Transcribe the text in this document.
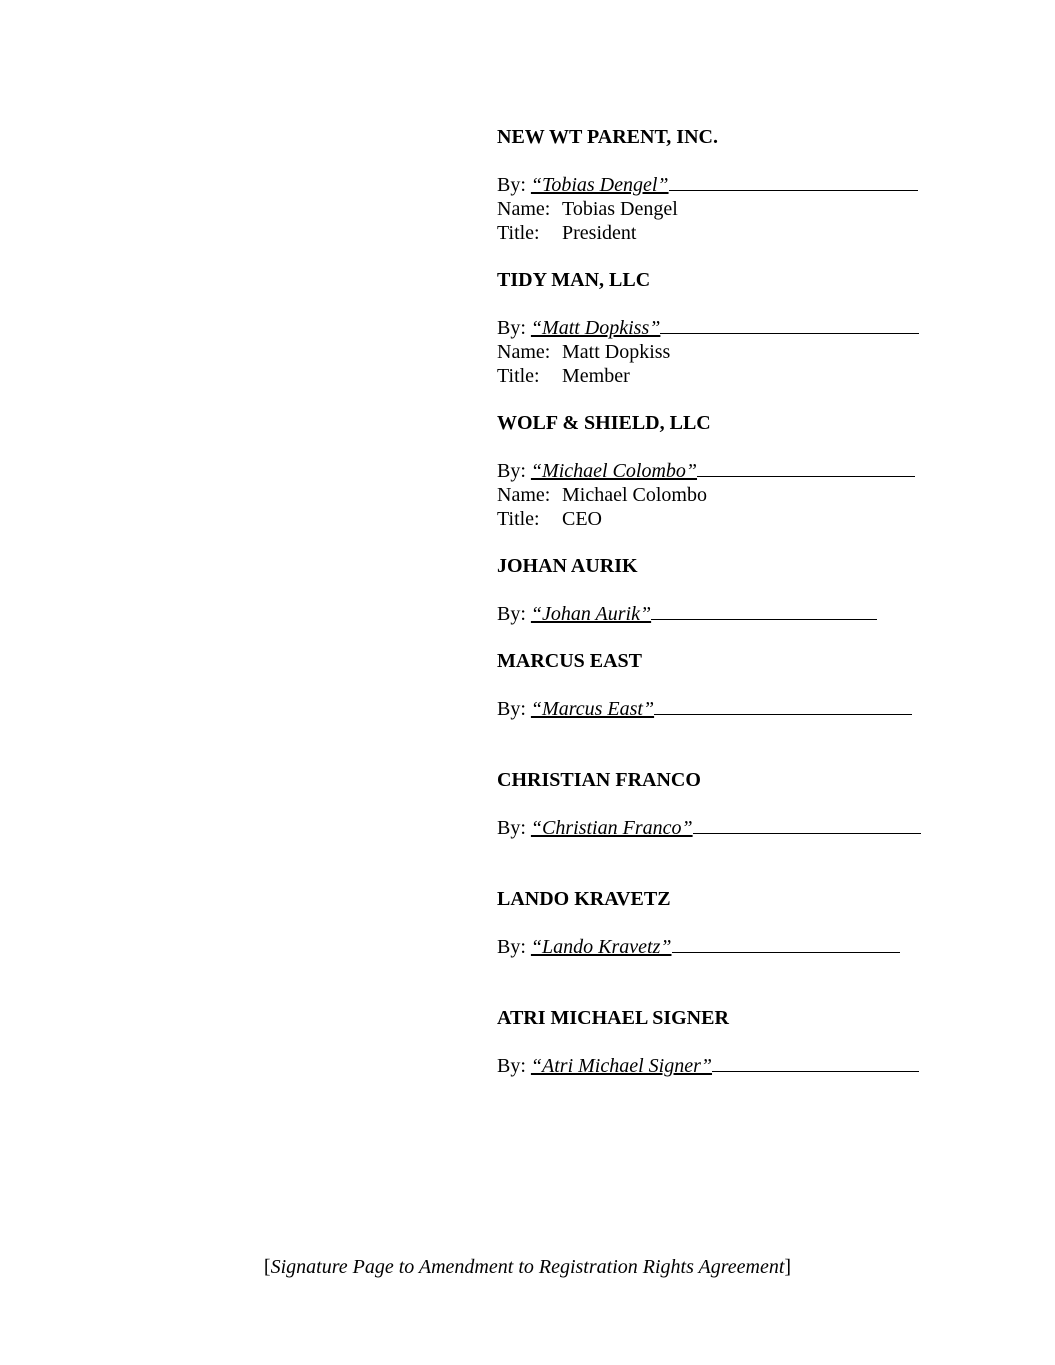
NEW WT PARENT, INC.
By: “Tobias Dengel”
Name: Tobias Dengel
Title: President
TIDY MAN, LLC
By: “Matt Dopkiss”
Name: Matt Dopkiss
Title: Member
WOLF & SHIELD, LLC
By: “Michael Colombo”
Name: Michael Colombo
Title: CEO
JOHAN AURIK
By: “Johan Aurik”
MARCUS EAST
By: “Marcus East”
CHRISTIAN FRANCO
By: “Christian Franco”
LANDO KRAVETZ
By: “Lando Kravetz”
ATRI MICHAEL SIGNER
By: “Atri Michael Signer”
[Signature Page to Amendment to Registration Rights Agreement]
